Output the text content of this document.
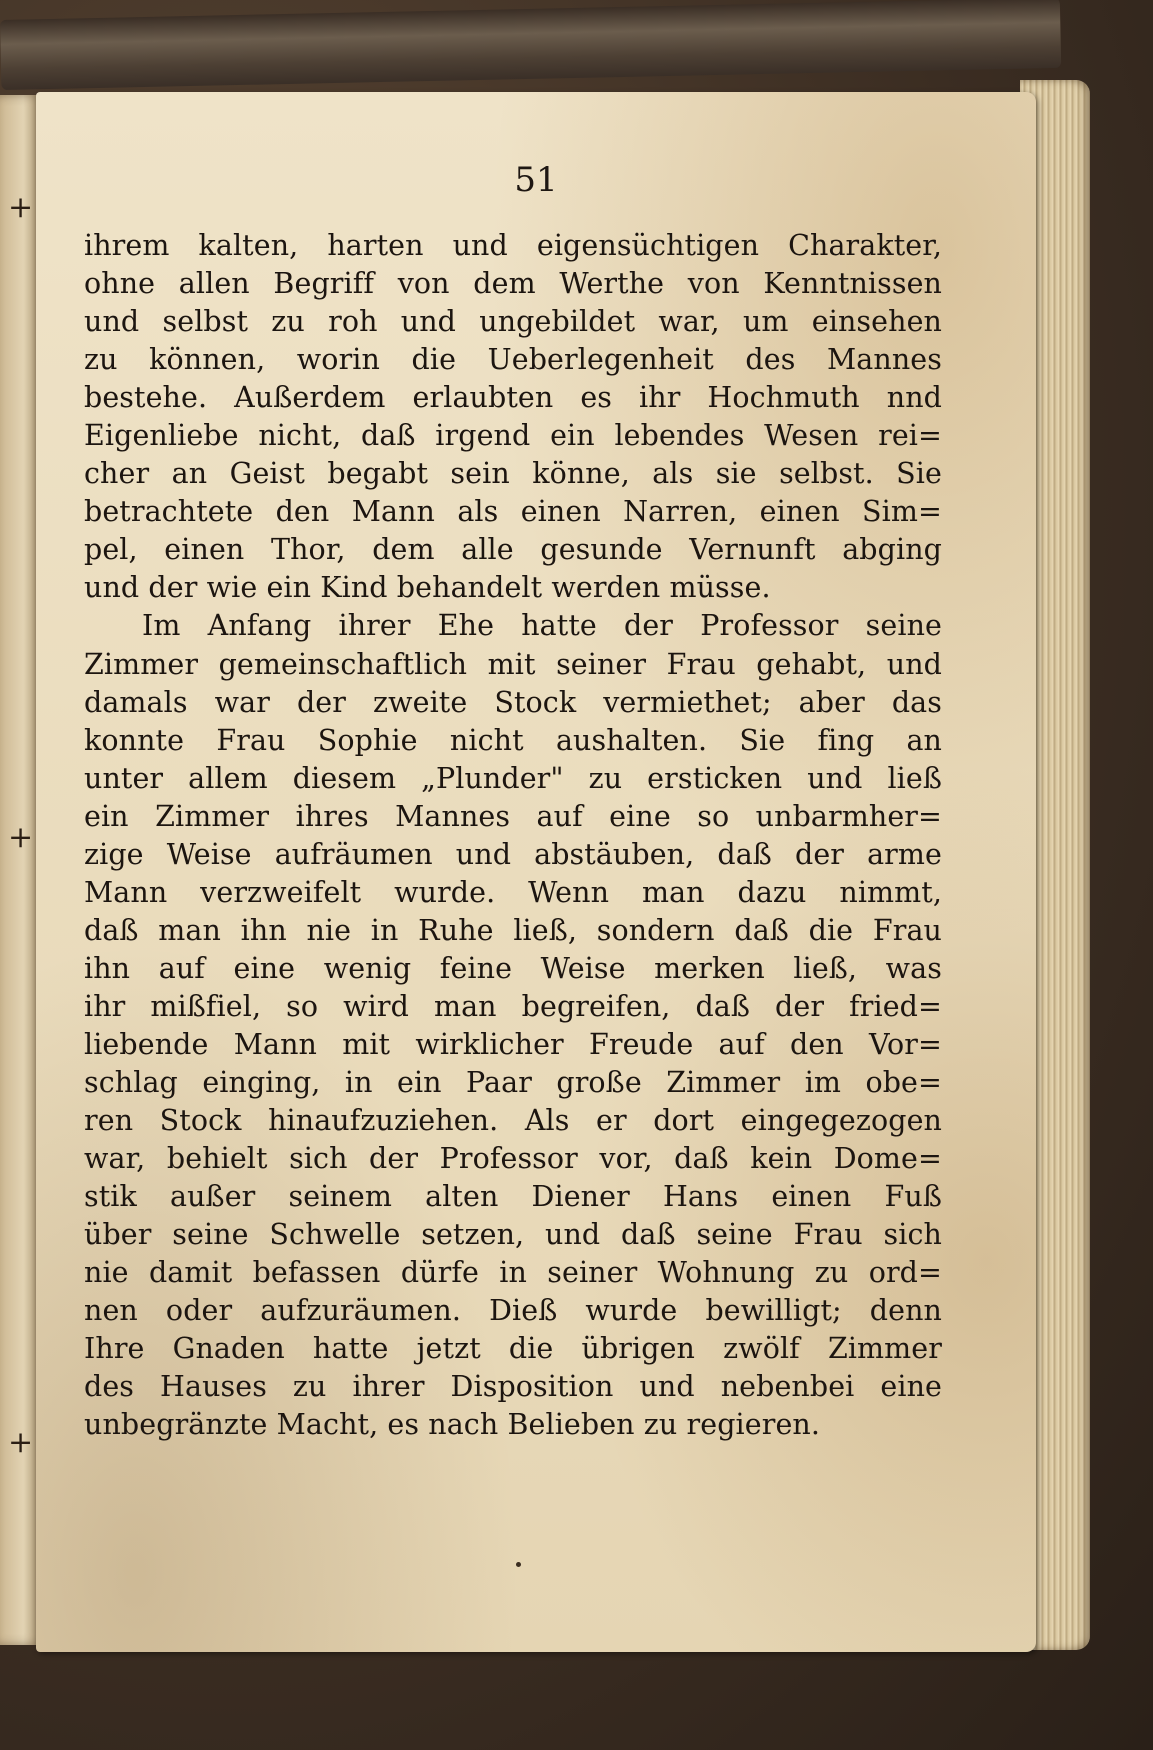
+
+
+
51
ihrem kalten, harten und eigensüchtigen Charakter,
ohne allen Begriff von dem Werthe von Kenntnissen
und selbst zu roh und ungebildet war, um einsehen
zu können, worin die Ueberlegenheit des Mannes
bestehe. Außerdem erlaubten es ihr Hochmuth nnd
Eigenliebe nicht, daß irgend ein lebendes Wesen rei=
cher an Geist begabt sein könne, als sie selbst. Sie
betrachtete den Mann als einen Narren, einen Sim=
pel, einen Thor, dem alle gesunde Vernunft abging
und der wie ein Kind behandelt werden müsse.
Im Anfang ihrer Ehe hatte der Professor seine
Zimmer gemeinschaftlich mit seiner Frau gehabt, und
damals war der zweite Stock vermiethet; aber das
konnte Frau Sophie nicht aushalten. Sie fing an
unter allem diesem „Plunder" zu ersticken und ließ
ein Zimmer ihres Mannes auf eine so unbarmher=
zige Weise aufräumen und abstäuben, daß der arme
Mann verzweifelt wurde. Wenn man dazu nimmt,
daß man ihn nie in Ruhe ließ, sondern daß die Frau
ihn auf eine wenig feine Weise merken ließ, was
ihr mißfiel, so wird man begreifen, daß der fried=
liebende Mann mit wirklicher Freude auf den Vor=
schlag einging, in ein Paar große Zimmer im obe=
ren Stock hinaufzuziehen. Als er dort eingegezogen
war, behielt sich der Professor vor, daß kein Dome=
stik außer seinem alten Diener Hans einen Fuß
über seine Schwelle setzen, und daß seine Frau sich
nie damit befassen dürfe in seiner Wohnung zu ord=
nen oder aufzuräumen. Dieß wurde bewilligt; denn
Ihre Gnaden hatte jetzt die übrigen zwölf Zimmer
des Hauses zu ihrer Disposition und nebenbei eine
unbegränzte Macht, es nach Belieben zu regieren.
